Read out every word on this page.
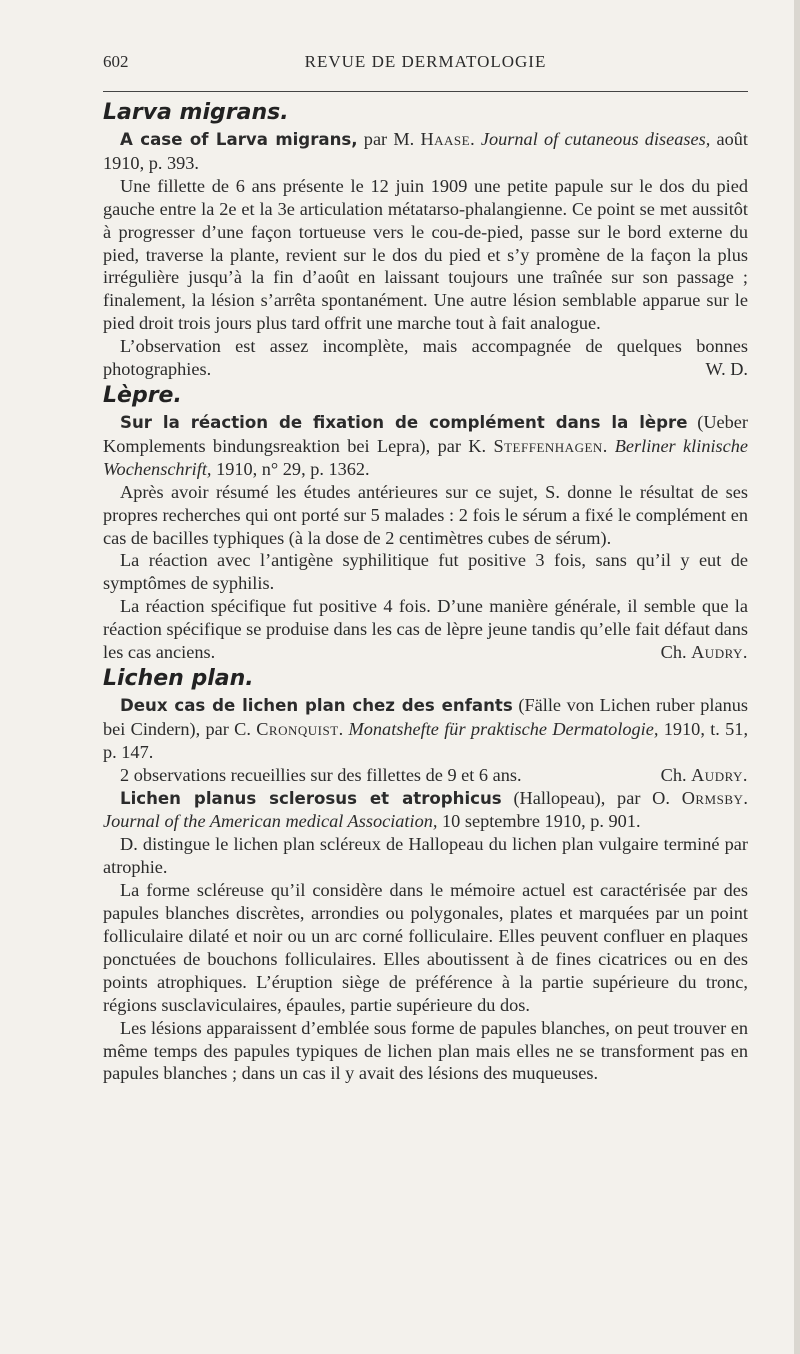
REVUE DE DERMATOLOGIE
602
Larva migrans.

A case of Larva migrans, par M. Haase. Journal of cutaneous diseases, août 1910, p. 393.

Une fillette de 6 ans présente le 12 juin 1909 une petite papule sur le dos du pied gauche entre la 2e et la 3e articulation métatarso-phalangienne. Ce point se met aussitôt à progresser d’une façon tortueuse vers le cou-de-pied, passe sur le bord externe du pied, traverse la plante, revient sur le dos du pied et s’y promène de la façon la plus irrégulière jusqu’à la fin d’août en laissant toujours une traînée sur son passage ; finalement, la lésion s’arrêta spontanément. Une autre lésion semblable apparue sur le pied droit trois jours plus tard offrit une marche tout à fait analogue.

L’observation est assez incomplète, mais accompagnée de quelques bonnes photographies.	W. D.

Lèpre.

Sur la réaction de fixation de complément dans la lèpre (Ueber Komplements bindungsreaktion bei Lepra), par K. Steffenhagen. Berliner klinische Wochenschrift, 1910, n° 29, p. 1362.

Après avoir résumé les études antérieures sur ce sujet, S. donne le résultat de ses propres recherches qui ont porté sur 5 malades : 2 fois le sérum a fixé le complément en cas de bacilles typhiques (à la dose de 2 centimètres cubes de sérum).

La réaction avec l’antigène syphilitique fut positive 3 fois, sans qu’il y eut de symptômes de syphilis.

La réaction spécifique fut positive 4 fois. D’une manière générale, il semble que la réaction spécifique se produise dans les cas de lèpre jeune tandis qu’elle fait défaut dans les cas anciens.	Ch. Audry.

Lichen plan.

Deux cas de lichen plan chez des enfants (Fälle von Lichen ruber planus bei Cindern), par C. Cronquist. Monatshefte für praktische Dermatologie, 1910, t. 51, p. 147.

2 observations recueillies sur des fillettes de 9 et 6 ans.	Ch. Audry.

Lichen planus sclerosus et atrophicus (Hallopeau), par O. Ormsby. Journal of the American medical Association, 10 septembre 1910, p. 901.

D. distingue le lichen plan scléreux de Hallopeau du lichen plan vulgaire terminé par atrophie.

La forme scléreuse qu’il considère dans le mémoire actuel est caractérisée par des papules blanches discrètes, arrondies ou polygonales, plates et marquées par un point folliculaire dilaté et noir ou un arc corné folliculaire. Elles peuvent confluer en plaques ponctuées de bouchons folliculaires. Elles aboutissent à de fines cicatrices ou en des points atrophiques. L’éruption siège de préférence à la partie supérieure du tronc, régions susclaviculaires, épaules, partie supérieure du dos.

Les lésions apparaissent d’emblée sous forme de papules blanches, on peut trouver en même temps des papules typiques de lichen plan mais elles ne se transforment pas en papules blanches ; dans un cas il y avait des lésions des muqueuses.
